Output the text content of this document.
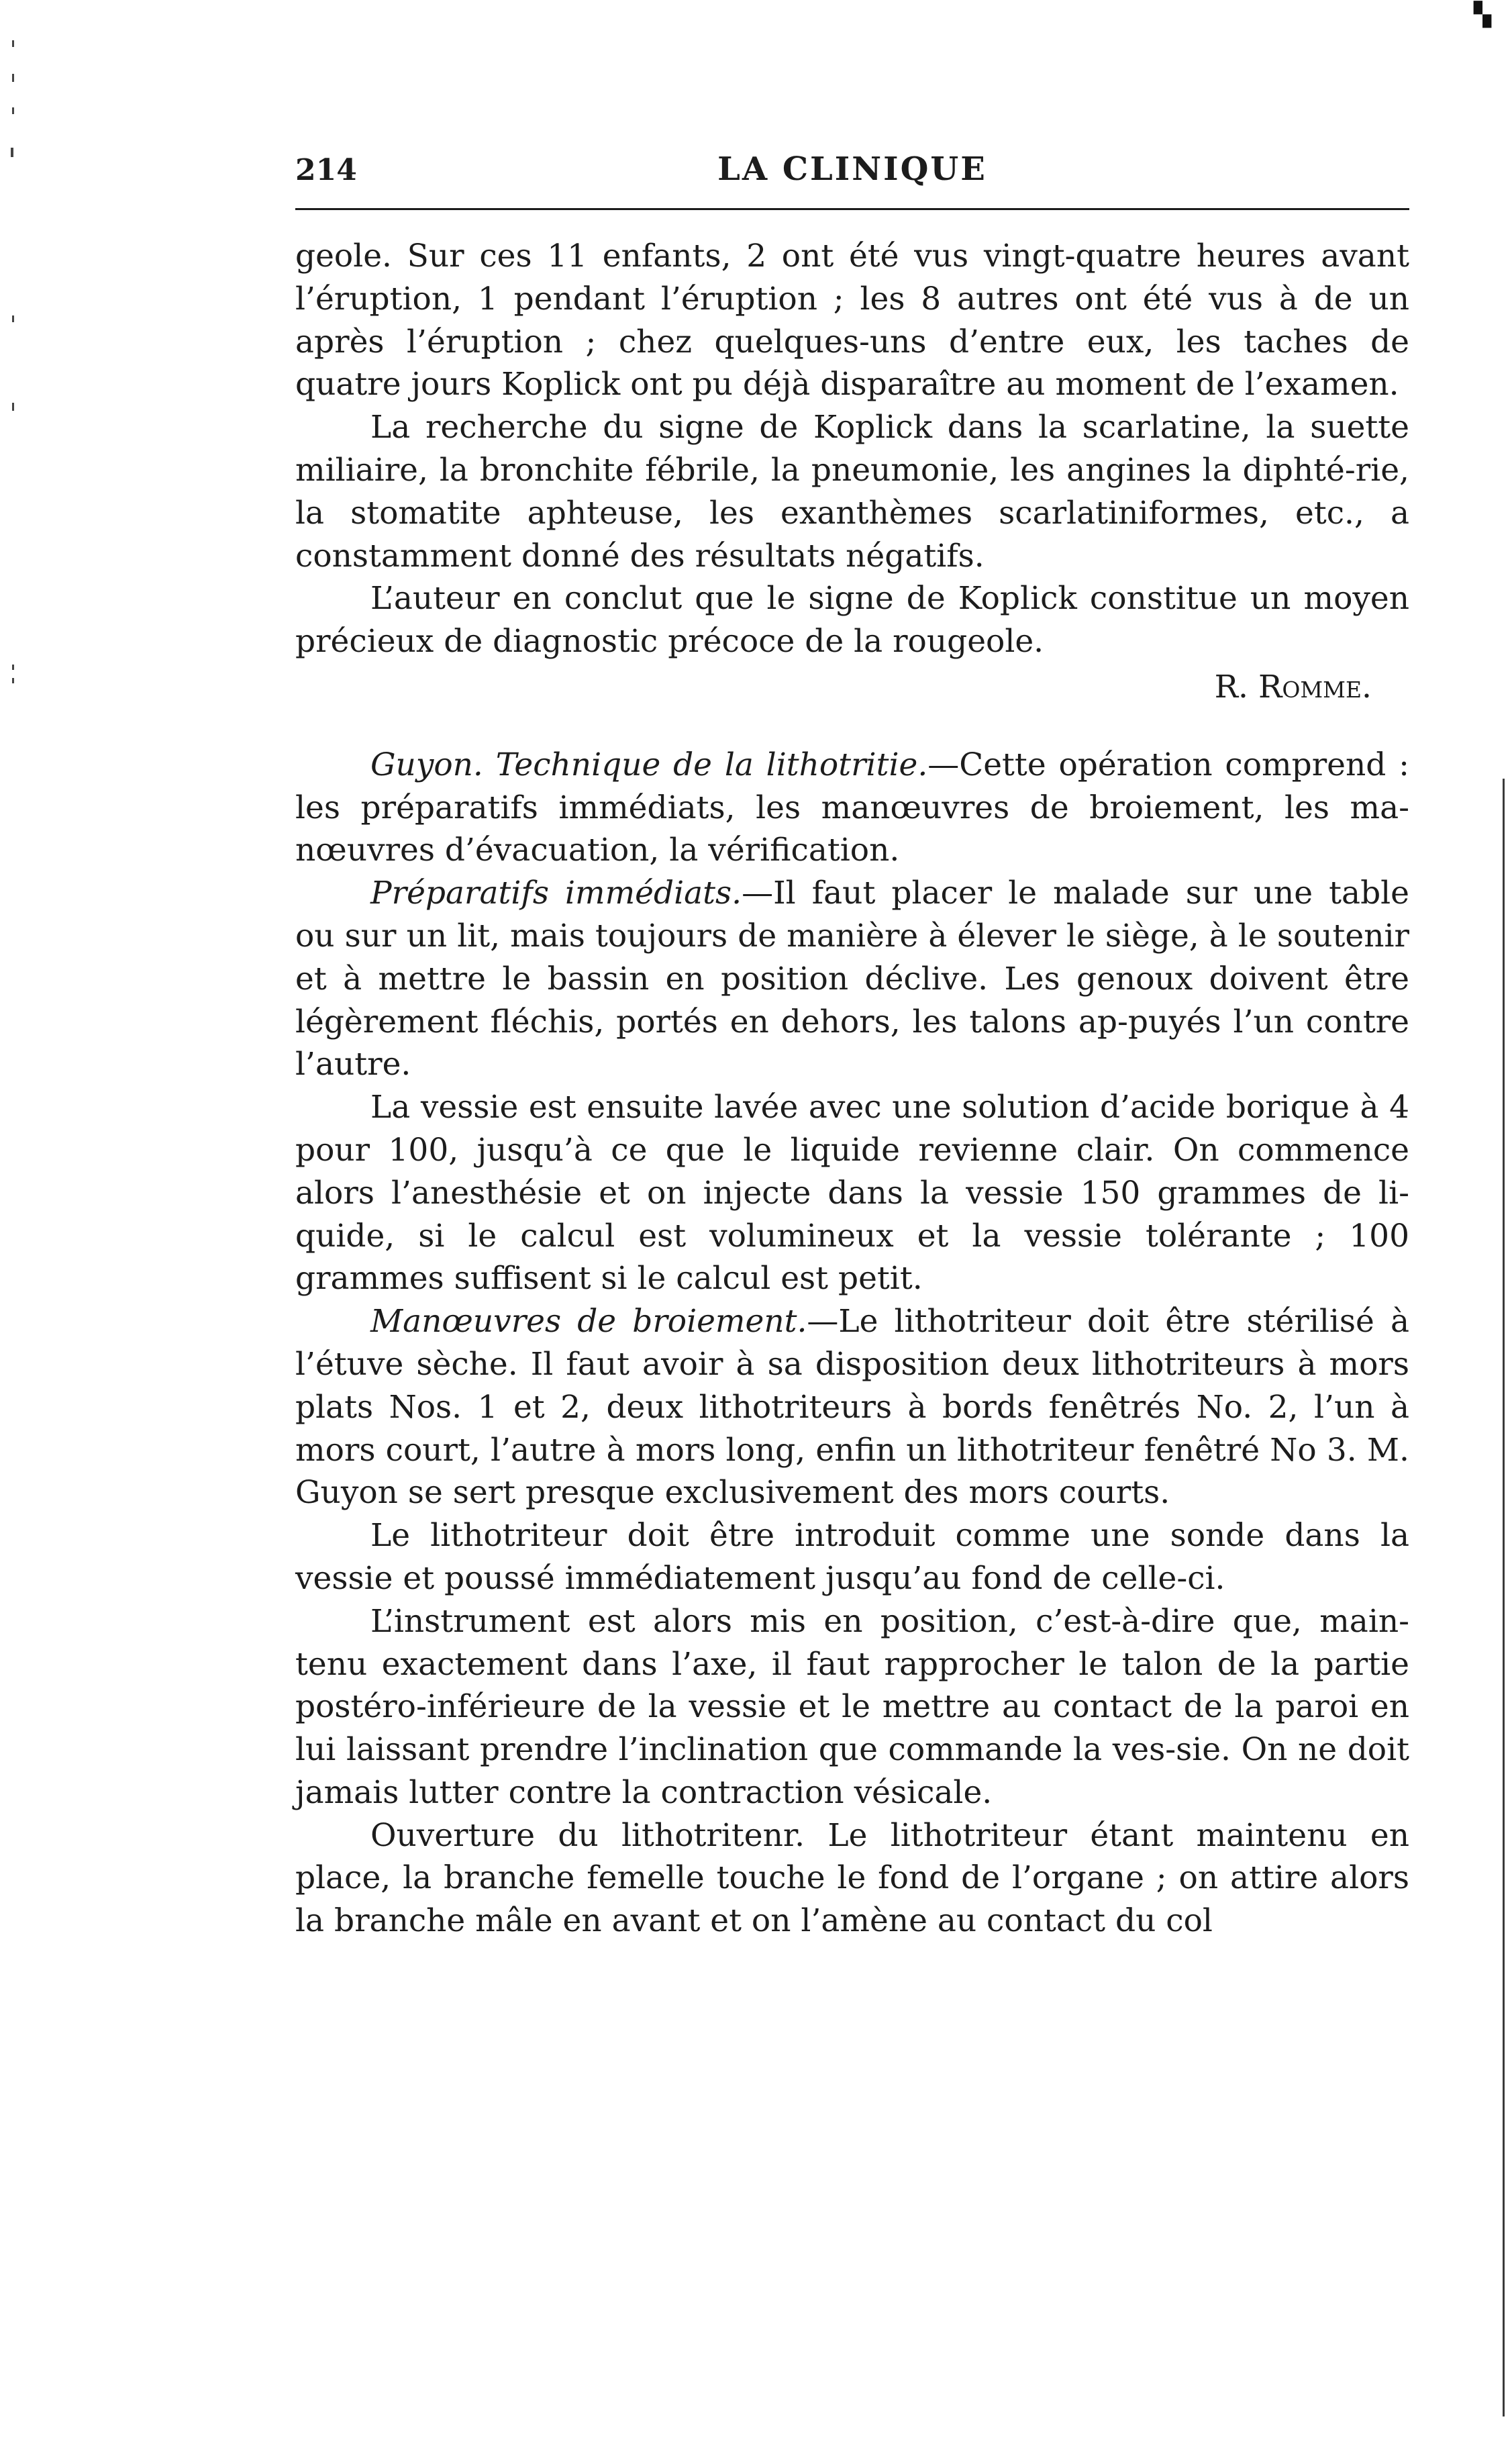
▚
214	LA CLINIQUE

geole. Sur ces 11 enfants, 2 ont été vus vingt-quatre heures avant l’éruption, 1 pendant l’éruption ; les 8 autres ont été vus à de un après l’éruption ; chez quelques-uns d’entre eux, les taches de quatre jours Koplick ont pu déjà disparaître au moment de l’examen.

La recherche du signe de Koplick dans la scarlatine, la suette miliaire, la bronchite fébrile, la pneumonie, les angines la diphté-rie, la stomatite aphteuse, les exanthèmes scarlatiniformes, etc., a constamment donné des résultats négatifs.

L’auteur en conclut que le signe de Koplick constitue un moyen précieux de diagnostic précoce de la rougeole.

R. Romme.

Guyon. Technique de la lithotritie.—Cette opération comprend : les préparatifs immédiats, les manœuvres de broiement, les ma-nœuvres d’évacuation, la vérification.

Préparatifs immédiats.—Il faut placer le malade sur une table ou sur un lit, mais toujours de manière à élever le siège, à le soutenir et à mettre le bassin en position déclive. Les genoux doivent être légèrement fléchis, portés en dehors, les talons ap-puyés l’un contre l’autre.

La vessie est ensuite lavée avec une solution d’acide borique à 4 pour 100, jusqu’à ce que le liquide revienne clair. On commence alors l’anesthésie et on injecte dans la vessie 150 grammes de li-quide, si le calcul est volumineux et la vessie tolérante ; 100 grammes suffisent si le calcul est petit.

Manœuvres de broiement.—Le lithotriteur doit être stérilisé à l’étuve sèche. Il faut avoir à sa disposition deux lithotriteurs à mors plats Nos. 1 et 2, deux lithotriteurs à bords fenêtrés No. 2, l’un à mors court, l’autre à mors long, enfin un lithotriteur fenêtré No 3. M. Guyon se sert presque exclusivement des mors courts.

Le lithotriteur doit être introduit comme une sonde dans la vessie et poussé immédiatement jusqu’au fond de celle-ci.

L’instrument est alors mis en position, c’est-à-dire que, main-tenu exactement dans l’axe, il faut rapprocher le talon de la partie postéro-inférieure de la vessie et le mettre au contact de la paroi en lui laissant prendre l’inclination que commande la ves-sie. On ne doit jamais lutter contre la contraction vésicale.

Ouverture du lithotritenr. Le lithotriteur étant maintenu en place, la branche femelle touche le fond de l’organe ; on attire alors la branche mâle en avant et on l’amène au contact du col
